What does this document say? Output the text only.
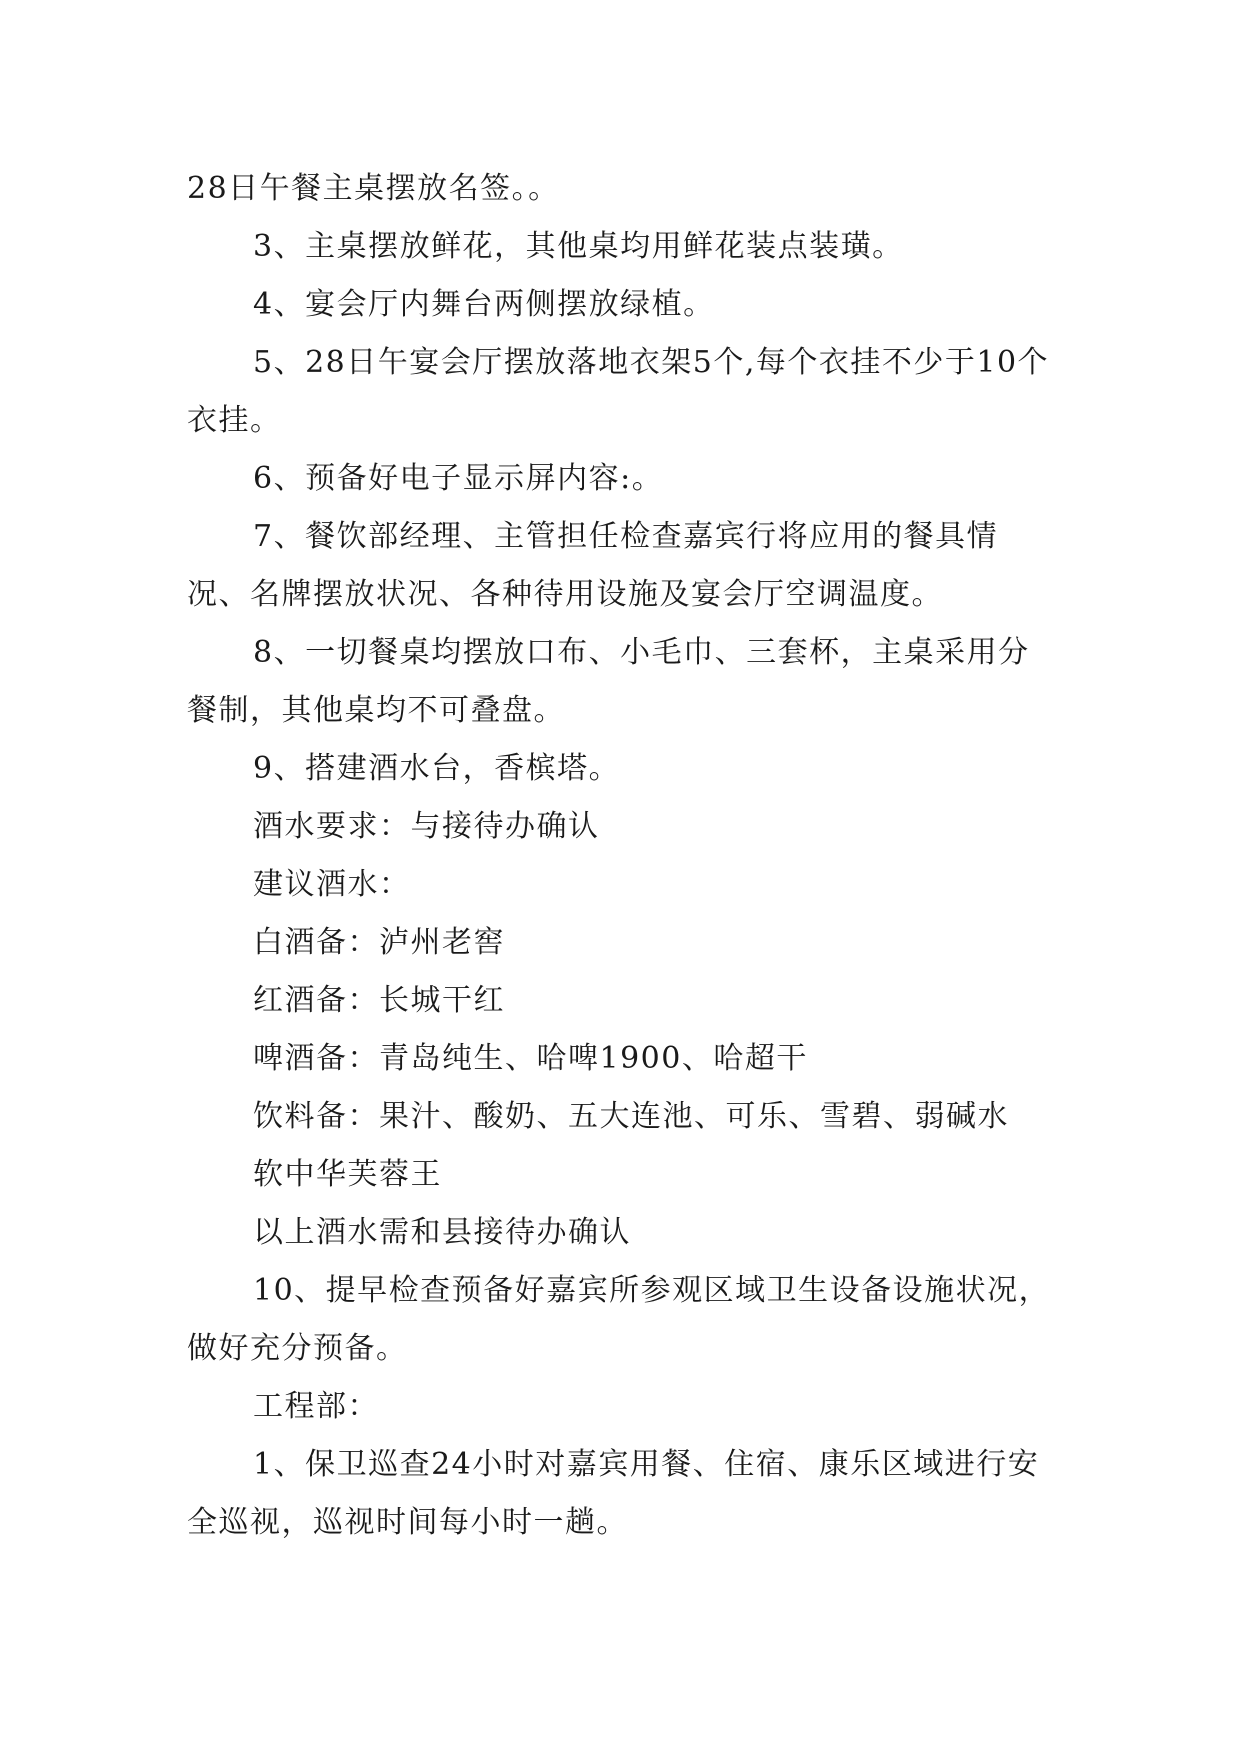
28日午餐主桌摆放名签。。

3、主桌摆放鲜花，其他桌均用鲜花装点装璜。

4、宴会厅内舞台两侧摆放绿植。

5、28日午宴会厅摆放落地衣架5个,每个衣挂不少于10个衣挂。

6、预备好电子显示屏内容:。

7、餐饮部经理、主管担任检查嘉宾行将应用的餐具情况、名牌摆放状况、各种待用设施及宴会厅空调温度。

8、一切餐桌均摆放口布、小毛巾、三套杯，主桌采用分餐制，其他桌均不可叠盘。

9、搭建酒水台，香槟塔。

酒水要求：与接待办确认

建议酒水：

白酒备：泸州老窖

红酒备：长城干红

啤酒备：青岛纯生、哈啤1900、哈超干

饮料备：果汁、酸奶、五大连池、可乐、雪碧、弱碱水

软中华芙蓉王

以上酒水需和县接待办确认

10、提早检查预备好嘉宾所参观区域卫生设备设施状况，做好充分预备。

工程部：

1、保卫巡查24小时对嘉宾用餐、住宿、康乐区域进行安全巡视，巡视时间每小时一趟。
